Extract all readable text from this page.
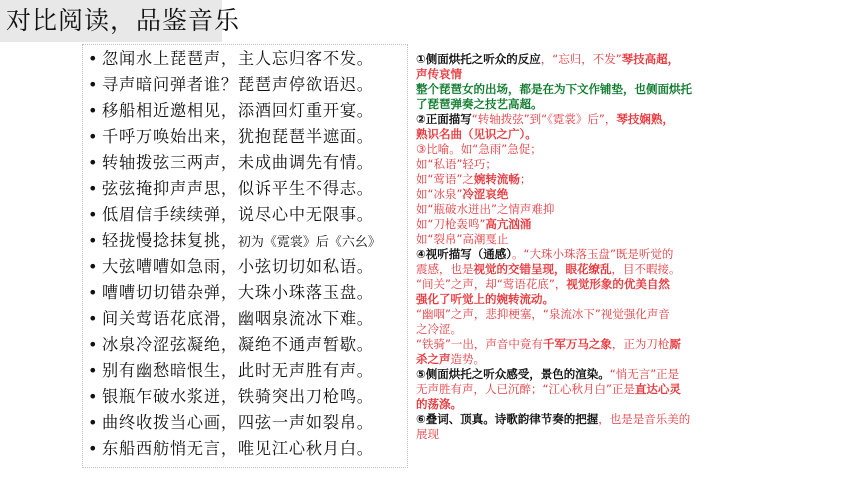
对比阅读，品鉴音乐
• 忽闻水上琵琶声，主人忘归客不发。
• 寻声暗问弹者谁？琵琶声停欲语迟。
• 移船相近邀相见，添酒回灯重开宴。
• 千呼万唤始出来，犹抱琵琶半遮面。
• 转轴拨弦三两声，未成曲调先有情。
• 弦弦掩抑声声思，似诉平生不得志。
• 低眉信手续续弹，说尽心中无限事。
• 轻拢慢捻抹复挑，初为《霓裳》后《六幺》
• 大弦嘈嘈如急雨，小弦切切如私语。
• 嘈嘈切切错杂弹，大珠小珠落玉盘。
• 间关莺语花底滑，幽咽泉流冰下难。
• 冰泉冷涩弦凝绝，凝绝不通声暂歇。
• 别有幽愁暗恨生，此时无声胜有声。
• 银瓶乍破水浆迸，铁骑突出刀枪鸣。
• 曲终收拨当心画，四弦一声如裂帛。
• 东船西舫悄无言，唯见江心秋月白。
①侧面烘托之听众的反应，“忘归，不发”琴技高超，
声传哀情
整个琵琶女的出场，都是在为下文作铺垫，也侧面烘托
了琵琶弹奏之技艺高超。
②正面描写“转轴拨弦”到“《霓裳》后”，琴技娴熟，
熟识名曲（见识之广）。
③比喻。如“急雨”急促；
如“私语”轻巧；
如“莺语”之婉转流畅；
如“冰泉”冷涩哀绝
如“瓶破水迸出”之情声难抑
如“刀枪轰鸣”高亢汹涌
如“裂帛”高潮戛止
④视听描写（通感）。“大珠小珠落玉盘”既是听觉的
震感，也是视觉的交错呈现，眼花缭乱，目不暇接。
“间关”之声，却“莺语花底”，视觉形象的优美自然
强化了听觉上的婉转流动。
“幽咽”之声，悲抑梗塞，“泉流冰下”视觉强化声音
之冷涩。
“铁骑”一出，声音中竟有千军万马之象，正为刀枪厮
杀之声造势。
⑤侧面烘托之听众感受，景色的渲染。“悄无言”正是
无声胜有声，人已沉醉；“江心秋月白”正是直达心灵
的荡涤。
⑥叠词、顶真。诗歌韵律节奏的把握，也是是音乐美的
展现
